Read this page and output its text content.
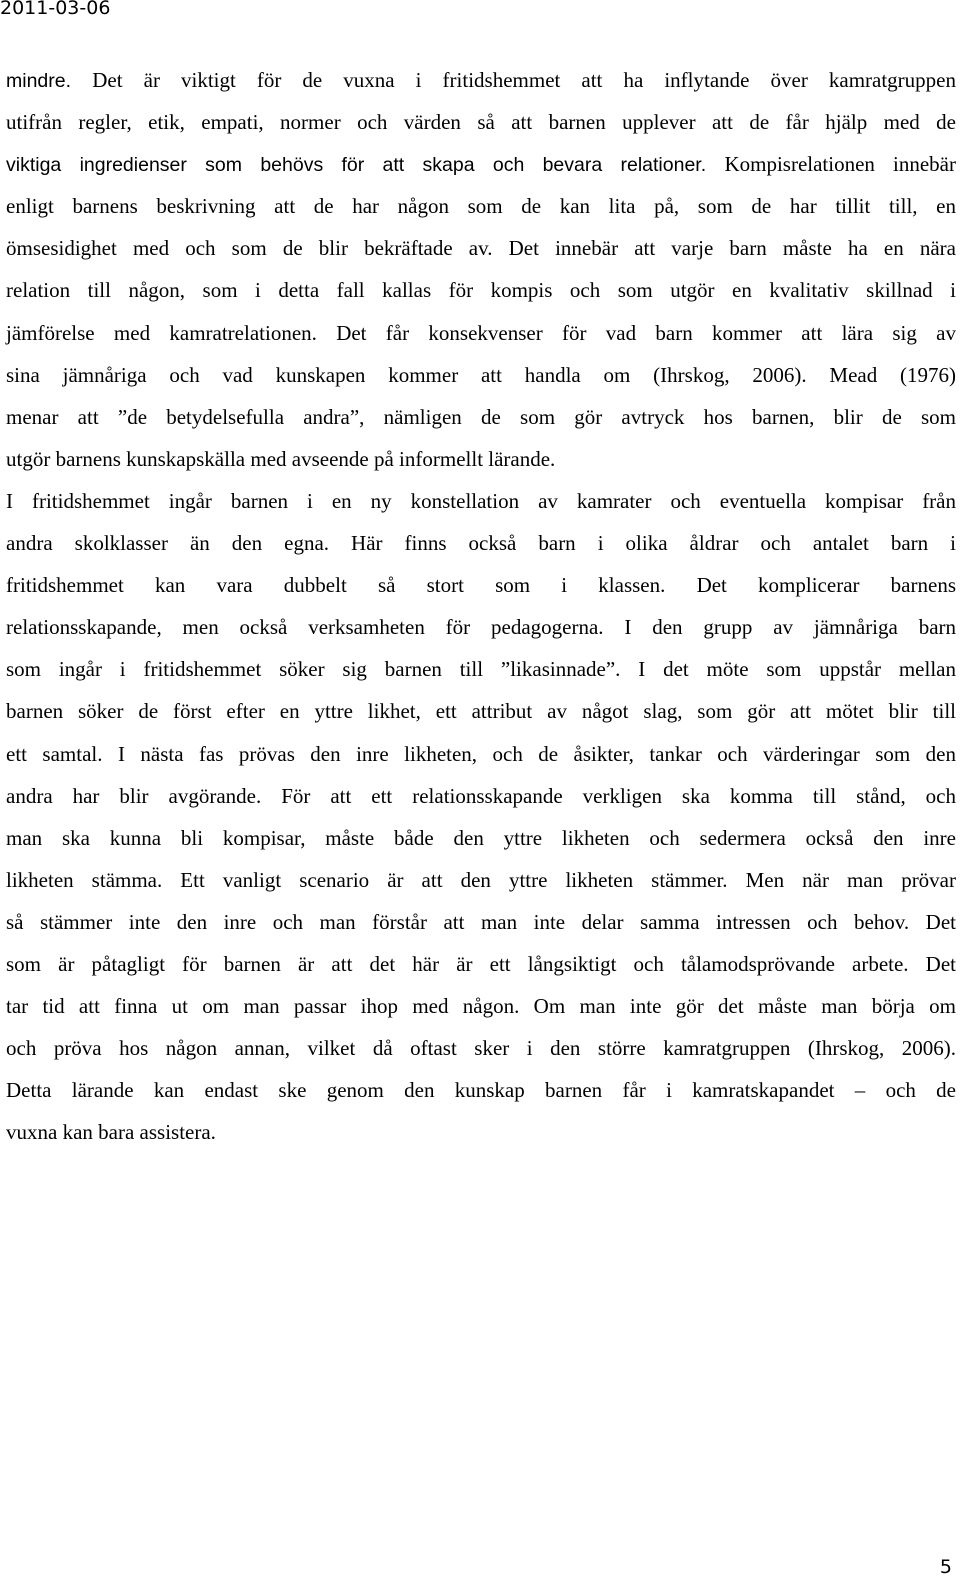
2011-03-06
mindre. Det är viktigt för de vuxna i fritidshemmet att ha inflytande över kamratgruppen
utifrån regler, etik, empati, normer och värden så att barnen upplever att de får hjälp med de
viktiga ingredienser som behövs för att skapa och bevara relationer. Kompisrelationen innebär
enligt barnens beskrivning att de har någon som de kan lita på, som de har tillit till, en
ömsesidighet med och som de blir bekräftade av. Det innebär att varje barn måste ha en nära
relation till någon, som i detta fall kallas för kompis och som utgör en kvalitativ skillnad i
jämförelse med kamratrelationen. Det får konsekvenser för vad barn kommer att lära sig av
sina jämnåriga och vad kunskapen kommer att handla om (Ihrskog, 2006). Mead (1976)
menar att ”de betydelsefulla andra”, nämligen de som gör avtryck hos barnen, blir de som
utgör barnens kunskapskälla med avseende på informellt lärande.
I fritidshemmet ingår barnen i en ny konstellation av kamrater och eventuella kompisar från
andra skolklasser än den egna. Här finns också barn i olika åldrar och antalet barn i
fritidshemmet kan vara dubbelt så stort som i klassen. Det komplicerar barnens
relationsskapande, men också verksamheten för pedagogerna. I den grupp av jämnåriga barn
som ingår i fritidshemmet söker sig barnen till ”likasinnade”. I det möte som uppstår mellan
barnen söker de först efter en yttre likhet, ett attribut av något slag, som gör att mötet blir till
ett samtal. I nästa fas prövas den inre likheten, och de åsikter, tankar och värderingar som den
andra har blir avgörande. För att ett relationsskapande verkligen ska komma till stånd, och
man ska kunna bli kompisar, måste både den yttre likheten och sedermera också den inre
likheten stämma. Ett vanligt scenario är att den yttre likheten stämmer. Men när man prövar
så stämmer inte den inre och man förstår att man inte delar samma intressen och behov. Det
som är påtagligt för barnen är att det här är ett långsiktigt och tålamodsprövande arbete. Det
tar tid att finna ut om man passar ihop med någon. Om man inte gör det måste man börja om
och pröva hos någon annan, vilket då oftast sker i den större kamratgruppen (Ihrskog, 2006).
Detta lärande kan endast ske genom den kunskap barnen får i kamratskapandet – och de
vuxna kan bara assistera.
5
